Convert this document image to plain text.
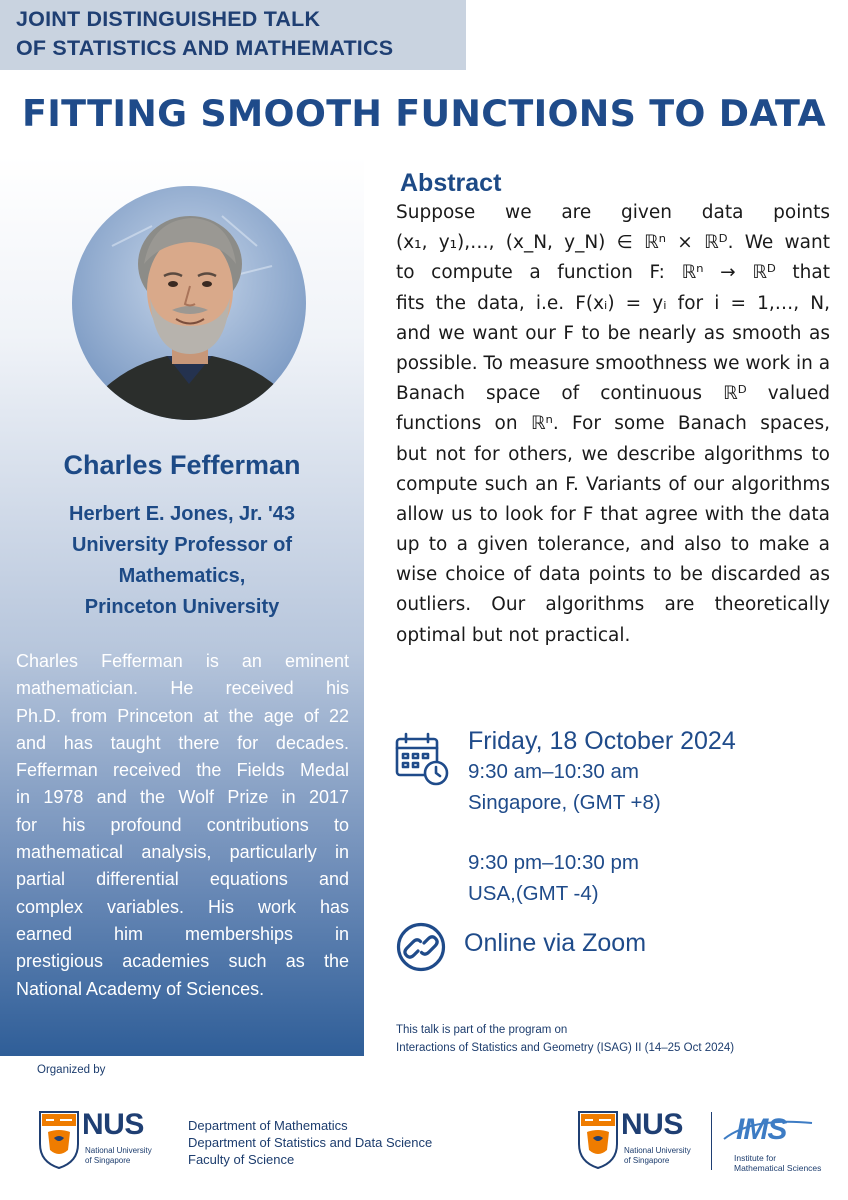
JOINT DISTINGUISHED TALK
OF STATISTICS AND MATHEMATICS
FITTING SMOOTH FUNCTIONS TO DATA
Charles Fefferman
Herbert E. Jones, Jr. '43
University Professor of
Mathematics,
Princeton University
Charles Fefferman is an eminent
mathematician. He received his
Ph.D. from Princeton at the age of 22
and has taught there for decades.
Fefferman received the Fields Medal
in 1978 and the Wolf Prize in 2017
for his profound contributions to
mathematical analysis, particularly in
partial differential equations and
complex variables. His work has
earned him memberships in
prestigious academies such as the
National Academy of Sciences.
Abstract
Suppose we are given data points
(x₁, y₁),…, (x_N, y_N) ∈ ℝⁿ × ℝᴰ. We want
to compute a function F: ℝⁿ → ℝᴰ that
fits the data, i.e. F(xᵢ) = yᵢ for i = 1,…, N,
and we want our F to be nearly as smooth as
possible. To measure smoothness we work in a
Banach space of continuous ℝᴰ valued
functions on ℝⁿ. For some Banach spaces,
but not for others, we describe algorithms to
compute such an F. Variants of our algorithms
allow us to look for F that agree with the data
up to a given tolerance, and also to make a
wise choice of data points to be discarded as
outliers. Our algorithms are theoretically
optimal but not practical.
Friday, 18 October 2024
9:30 am–10:30 am
Singapore, (GMT +8)
9:30 pm–10:30 pm
USA,(GMT -4)
Online via Zoom
This talk is part of the program on
Interactions of Statistics and Geometry (ISAG) II (14–25 Oct 2024)
Organized by
NUS
National University
of Singapore
Department of Mathematics
Department of Statistics and Data Science
Faculty of Science
NUS
National University
of Singapore
IMS
Institute for
Mathematical Sciences
